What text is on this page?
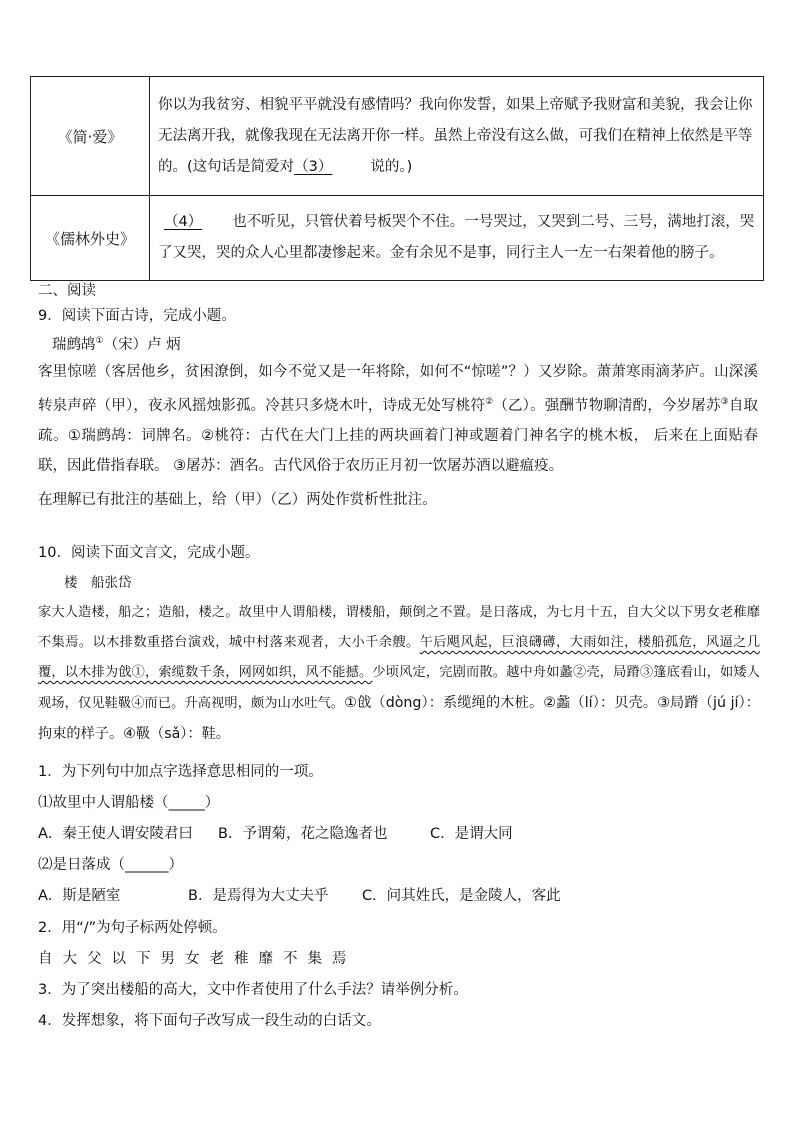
《简·爱》	你以为我贫穷、相貌平平就没有感情吗？我向你发誓，如果上帝赋予我财富和美貌，我会让你无法离开我，就像我现在无法离开你一样。虽然上帝没有这么做，可我们在精神上依然是平等的。(这句话是简爱对（3） 说的。)
《儒林外史》	（4） 也不听见，只管伏着号板哭个不住。一号哭过，又哭到二号、三号，满地打滚，哭了又哭，哭的众人心里都凄惨起来。金有余见不是事，同行主人一左一右架着他的膀子。
二、阅读
9．阅读下面古诗，完成小题。
瑞鹧鸪①（宋）卢 炳
客里惊嗟（客居他乡，贫困潦倒，如今不觉又是一年将除，如何不“惊嗟”？）又岁除。萧萧寒雨滴茅庐。山深溪转泉声碎（甲），夜永风摇烛影孤。冷甚只多烧木叶，诗成无处写桃符②（乙）。强酬节物聊清酌，今岁屠苏③自取疏。①瑞鹧鸪：词牌名。②桃符：古代在大门上挂的两块画着门神或题着门神名字的桃木板， 后来在上面贴春联，因此借指春联。 ③屠苏：酒名。古代风俗于农历正月初一饮屠苏酒以避瘟疫。
在理解已有批注的基础上，给（甲）（乙）两处作赏析性批注。
10．阅读下面文言文，完成小题。
楼　船张岱
家大人造楼，船之；造船，楼之。故里中人谓船楼，谓楼船，颠倒之不置。是日落成，为七月十五，自大父以下男女老稚靡不集焉。以木排数重搭台演戏，城中村落来观者，大小千余艘。午后飓风起，巨浪礴礡，大雨如注，楼船孤危，风逼之几覆，以木排为戗①，索缆数千条，网网如织，风不能撼。少顷风定，完剧而散。越中舟如蠡②壳，局蹐③篷底看山，如矮人观场，仅见鞋靸④而已。升高视明，颇为山水吐气。①戗（dòng）：系缆绳的木桩。②蠡（lí）：贝壳。③局蹐（jú jí）：拘束的样子。④靸（sǎ）：鞋。
1．为下列句中加点字选择意思相同的一项。
⑴故里中人谓船楼（_____）
A．秦王使人谓安陵君曰 B．予谓菊，花之隐逸者也	C．是谓大同
⑵是日落成（______）
A．斯是陋室	B．是焉得为大丈夫乎 C．问其姓氏，是金陵人，客此
2．用“/”为句子标两处停顿。
自大父以下男女老稚靡不集焉
3．为了突出楼船的高大，文中作者使用了什么手法？请举例分析。
4．发挥想象，将下面句子改写成一段生动的白话文。
